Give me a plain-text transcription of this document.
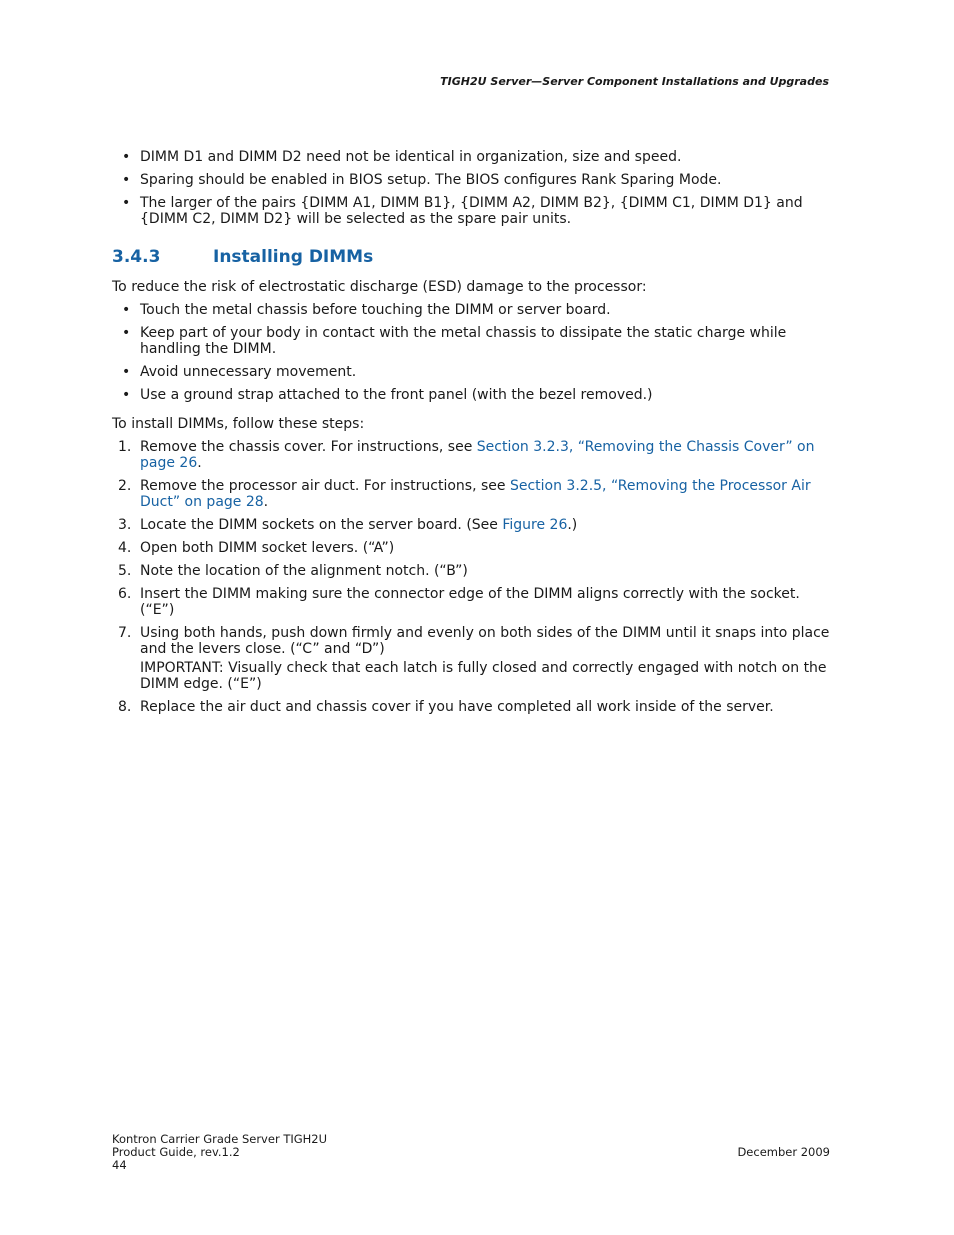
TIGH2U Server—Server Component Installations and Upgrades
• DIMM D1 and DIMM D2 need not be identical in organization, size and speed.
• Sparing should be enabled in BIOS setup. The BIOS configures Rank Sparing Mode.
• The larger of the pairs {DIMM A1, DIMM B1}, {DIMM A2, DIMM B2}, {DIMM C1, DIMM D1} and {DIMM C2, DIMM D2} will be selected as the spare pair units.
3.4.3	Installing DIMMs

To reduce the risk of electrostatic discharge (ESD) damage to the processor:

• Touch the metal chassis before touching the DIMM or server board.
• Keep part of your body in contact with the metal chassis to dissipate the static charge while handling the DIMM.
• Avoid unnecessary movement.
• Use a ground strap attached to the front panel (with the bezel removed.)

To install DIMMs, follow these steps:

1. Remove the chassis cover. For instructions, see Section 3.2.3, “Removing the Chassis Cover” on page 26.
2. Remove the processor air duct. For instructions, see Section 3.2.5, “Removing the Processor Air Duct” on page 28.
3. Locate the DIMM sockets on the server board. (See Figure 26.)
4. Open both DIMM socket levers. (“A”)
5. Note the location of the alignment notch. (“B”)
6. Insert the DIMM making sure the connector edge of the DIMM aligns correctly with the socket. (“E”)
7. Using both hands, push down firmly and evenly on both sides of the DIMM until it snaps into place and the levers close. (“C” and “D”)
IMPORTANT: Visually check that each latch is fully closed and correctly engaged with notch on the DIMM edge. (“E”)
8. Replace the air duct and chassis cover if you have completed all work inside of the server.
Kontron Carrier Grade Server TIGH2U
Product Guide, rev.1.2
44
December 2009
